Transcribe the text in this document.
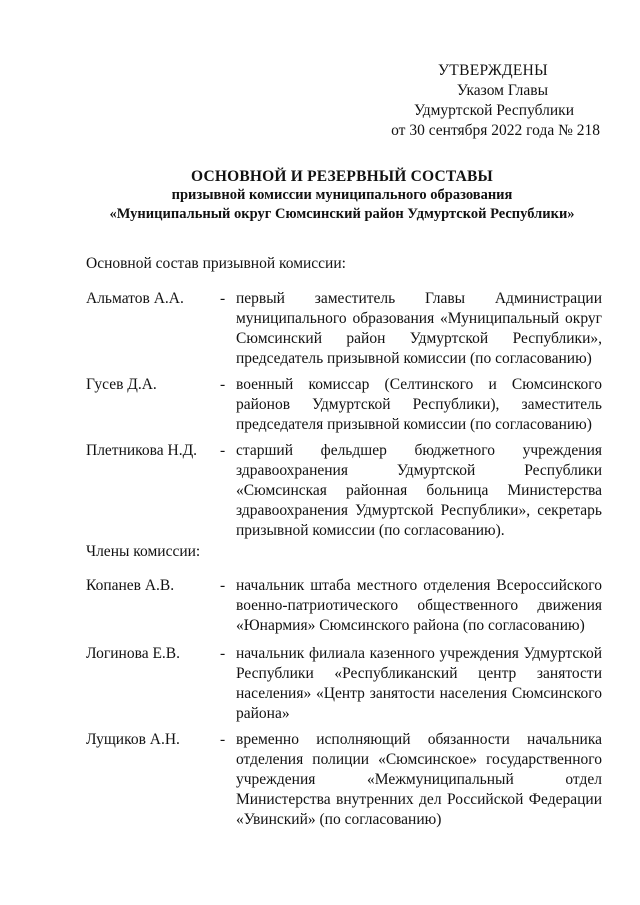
УТВЕРЖДЕНЫ
Указом Главы
Удмуртской Республики
от 30 сентября 2022 года № 218
ОСНОВНОЙ И РЕЗЕРВНЫЙ СОСТАВЫ
призывной комиссии муниципального образования
«Муниципальный округ Сюмсинский район Удмуртской Республики»
Основной состав призывной комиссии:
Альматов А.А. - первый заместитель Главы Администрации муниципального образования «Муниципальный округ Сюмсинский район Удмуртской Республики», председатель призывной комиссии (по согласованию)
Гусев Д.А.	- военный комиссар (Селтинского и Сюмсинского районов Удмуртской Республики), заместитель председателя призывной комиссии (по согласованию)
Плетникова Н.Д. - старший фельдшер бюджетного учреждения здравоохранения Удмуртской Республики «Сюмсинская районная больница Министерства здравоохранения Удмуртской Республики», секретарь призывной комиссии (по согласованию).
Члены комиссии:
Копанев А.В.	- начальник штаба местного отделения Всероссийского военно-патриотического общественного движения «Юнармия» Сюмсинского района (по согласованию)
Логинова Е.В.	- начальник филиала казенного учреждения Удмуртской Республики «Республиканский центр занятости населения» «Центр занятости населения Сюмсинского района»
Лущиков А.Н.	- временно исполняющий обязанности начальника отделения полиции «Сюмсинское» государственного учреждения «Межмуниципальный отдел Министерства внутренних дел Российской Федерации «Увинский» (по согласованию)
